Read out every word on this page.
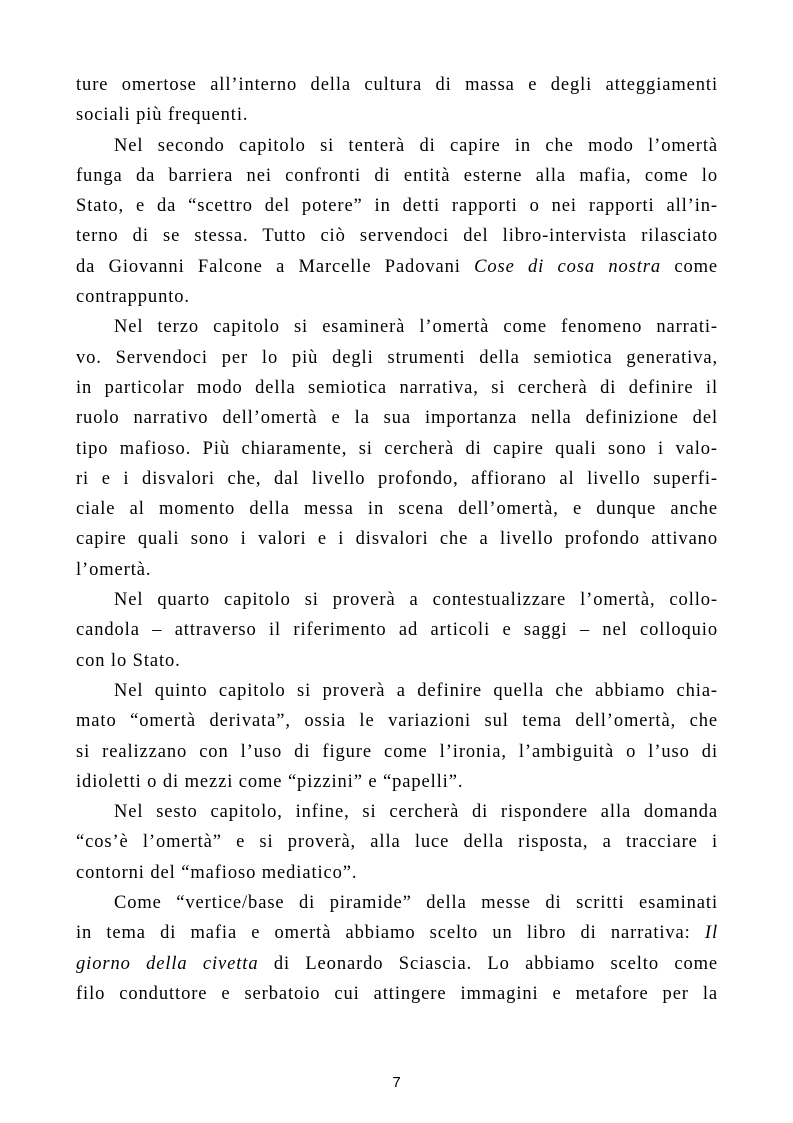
ture omertose all’interno della cultura di massa e degli atteggiamenti
sociali più frequenti.
Nel secondo capitolo si tenterà di capire in che modo l’omertà
funga da barriera nei confronti di entità esterne alla mafia, come lo
Stato, e da “scettro del potere” in detti rapporti o nei rapporti all’in-
terno di se stessa. Tutto ciò servendoci del libro-intervista rilasciato
da Giovanni Falcone a Marcelle Padovani Cose di cosa nostra come
contrappunto.
Nel terzo capitolo si esaminerà l’omertà come fenomeno narrati-
vo. Servendoci per lo più degli strumenti della semiotica generativa,
in particolar modo della semiotica narrativa, si cercherà di definire il
ruolo narrativo dell’omertà e la sua importanza nella definizione del
tipo mafioso. Più chiaramente, si cercherà di capire quali sono i valo-
ri e i disvalori che, dal livello profondo, affiorano al livello superfi-
ciale al momento della messa in scena dell’omertà, e dunque anche
capire quali sono i valori e i disvalori che a livello profondo attivano
l’omertà.
Nel quarto capitolo si proverà a contestualizzare l’omertà, collo-
candola – attraverso il riferimento ad articoli e saggi – nel colloquio
con lo Stato.
Nel quinto capitolo si proverà a definire quella che abbiamo chia-
mato “omertà derivata”, ossia le variazioni sul tema dell’omertà, che
si realizzano con l’uso di figure come l’ironia, l’ambiguità o l’uso di
idioletti o di mezzi come “pizzini” e “papelli”.
Nel sesto capitolo, infine, si cercherà di rispondere alla domanda
“cos’è l’omertà” e si proverà, alla luce della risposta, a tracciare i
contorni del “mafioso mediatico”.
Come “vertice/base di piramide” della messe di scritti esaminati
in tema di mafia e omertà abbiamo scelto un libro di narrativa: Il
giorno della civetta di Leonardo Sciascia. Lo abbiamo scelto come
filo conduttore e serbatoio cui attingere immagini e metafore per la
7
